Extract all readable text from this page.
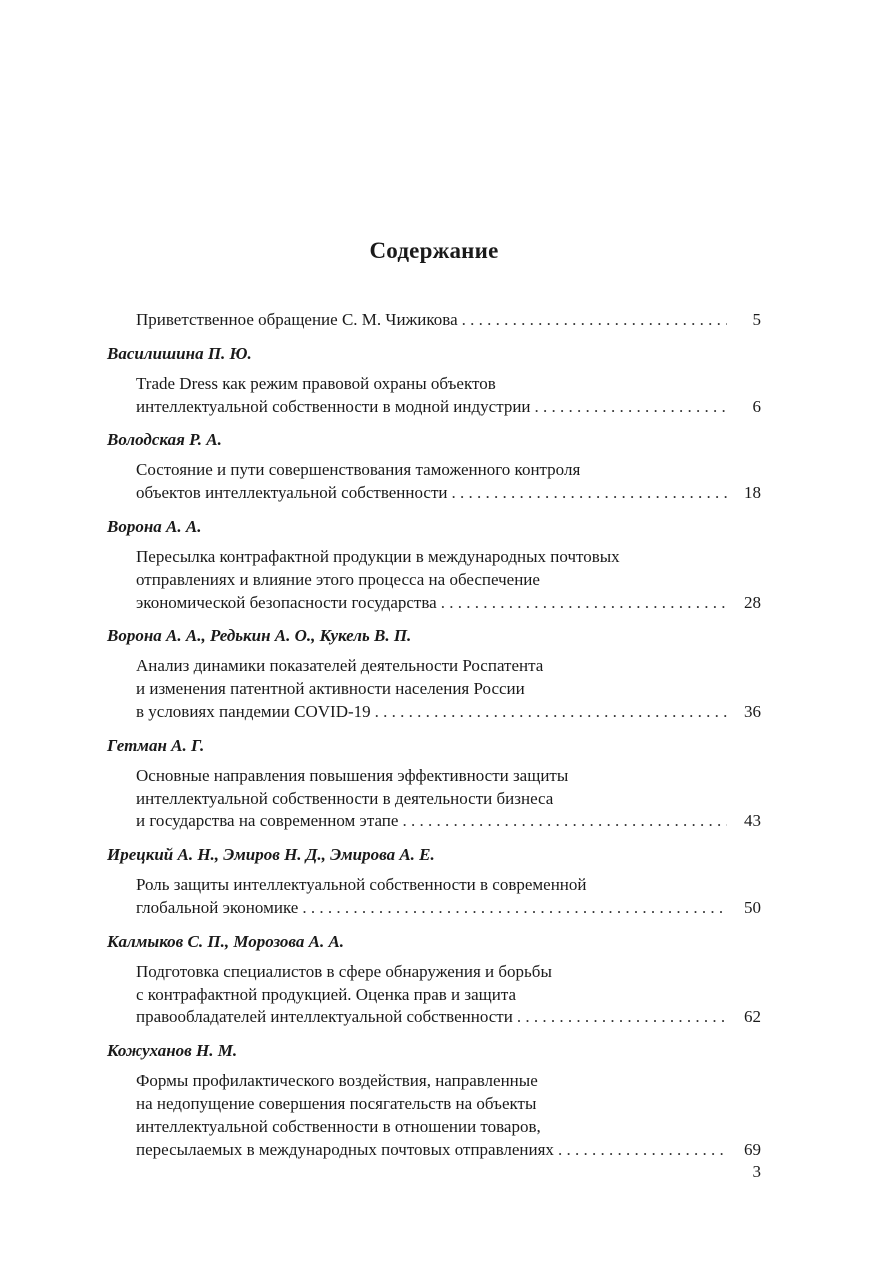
Содержание
Приветственное обращение С. М. Чижикова . . .	5
Василишина П. Ю.
Trade Dress как режим правовой охраны объектов
интеллектуальной собственности в модной индустрии . . .	6
Володская Р. А.
Состояние и пути совершенствования таможенного контроля
объектов интеллектуальной собственности . . .	18
Ворона А. А.
Пересылка контрафактной продукции в международных почтовых
отправлениях и влияние этого процесса на обеспечение
экономической безопасности государства . . .	28
Ворона А. А., Редькин А. О., Кукель В. П.
Анализ динамики показателей деятельности Роспатента
и изменения патентной активности населения России
в условиях пандемии COVID-19 . . .	36
Гетман А. Г.
Основные направления повышения эффективности защиты
интеллектуальной собственности в деятельности бизнеса
и государства на современном этапе . . .	43
Ирецкий А. Н., Эмиров Н. Д., Эмирова А. Е.
Роль защиты интеллектуальной собственности в современной
глобальной экономике . . .	50
Калмыков С. П., Морозова А. А.
Подготовка специалистов в сфере обнаружения и борьбы
с контрафактной продукцией. Оценка прав и защита
правообладателей интеллектуальной собственности . . .	62
Кожуханов Н. М.
Формы профилактического воздействия, направленные
на недопущение совершения посягательств на объекты
интеллектуальной собственности в отношении товаров,
пересылаемых в международных почтовых отправлениях . . .	69
3
